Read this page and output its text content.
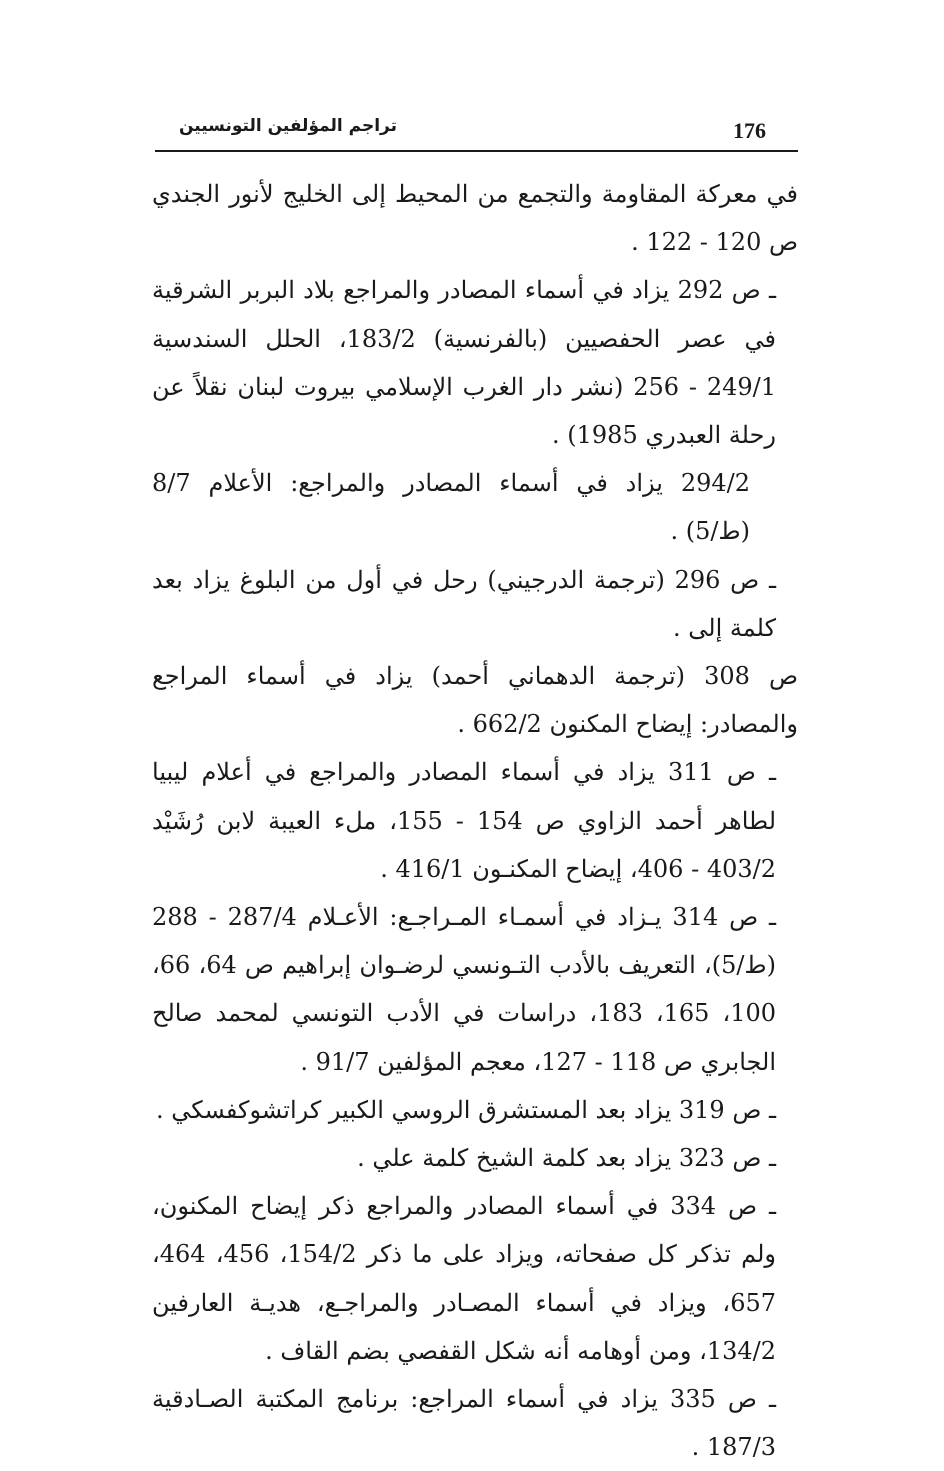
176
تراجم المؤلفين التونسيين

في معركة المقاومة والتجمع من المحيط إلى الخليج لأنور الجندي ص 120 - 122 .

ـ ص 292 يزاد في أسماء المصادر والمراجع بلاد البربر الشرقية في عصر الحفصيين (بالفرنسية) 183/2، الحلل السندسية 249/1 - 256 (نشر دار الغرب الإسلامي بيروت لبنان نقلاً عن رحلة العبدري 1985) .

294/2 يزاد في أسماء المصادر والمراجع: الأعلام 8/7 (ط/5) .

ـ ص 296 (ترجمة الدرجيني) رحل في أول من البلوغ يزاد بعد كلمة إلى .

ص 308 (ترجمة الدهماني أحمد) يزاد في أسماء المراجع والمصادر: إيضاح المكنون 662/2 .

ـ ص 311 يزاد في أسماء المصادر والمراجع في أعلام ليبيا لطاهر أحمد الزاوي ص 154 - 155، ملء العيبة لابن رُشَيْد 403/2 - 406، إيضاح المكنـون 416/1 .

ـ ص 314 يـزاد في أسمـاء المـراجـع: الأعـلام 287/4 - 288 (ط/5)، التعريف بالأدب التـونسي لرضـوان إبراهيم ص 64، 66، 100، 165، 183، دراسات في الأدب التونسي لمحمد صالح الجابري ص 118 - 127، معجم المؤلفين 91/7 .

ـ ص 319 يزاد بعد المستشرق الروسي الكبير كراتشوكفسكي .

ـ ص 323 يزاد بعد كلمة الشيخ كلمة علي .

ـ ص 334 في أسماء المصادر والمراجع ذكر إيضاح المكنون، ولم تذكر كل صفحاته، ويزاد على ما ذكر 154/2، 456، 464، 657، ويزاد في أسماء المصـادر والمراجـع، هديـة العارفين 134/2، ومن أوهامه أنه شكل القفصي بضم القاف .

ـ ص 335 يزاد في أسماء المراجع: برنامج المكتبة الصـادقية 187/3 .
